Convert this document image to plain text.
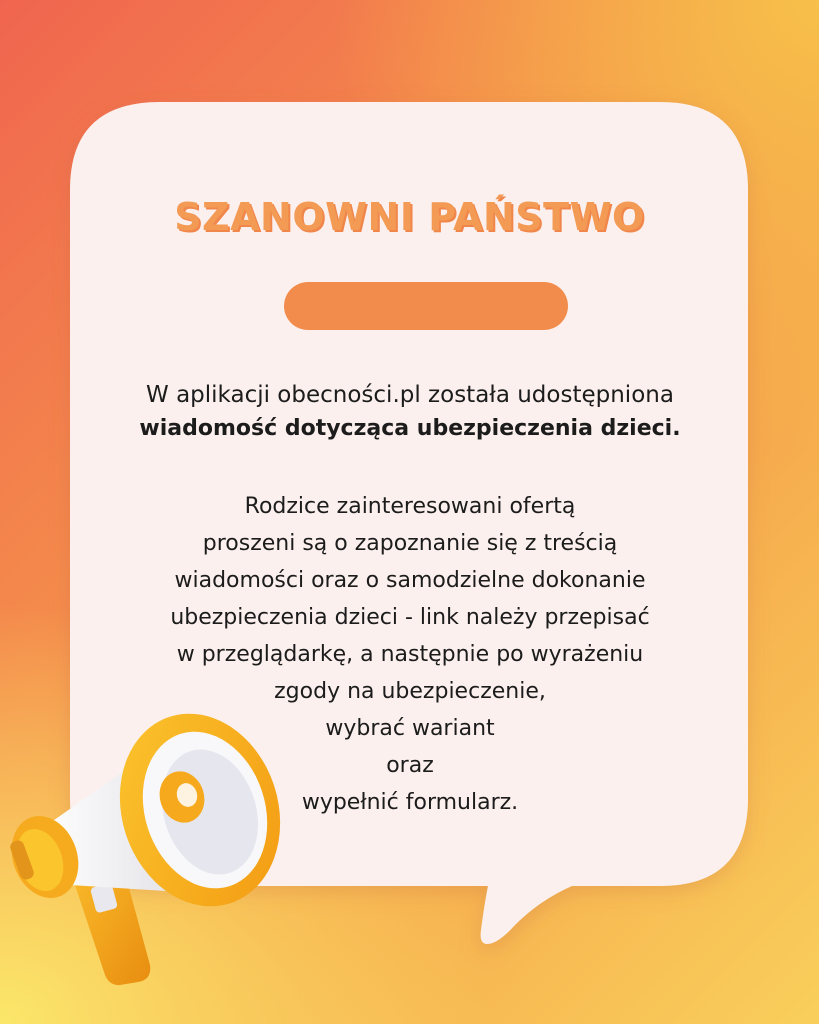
SZANOWNI PAŃSTWO
W aplikacji obecności.pl została udostępniona
wiadomość dotycząca ubezpieczenia dzieci.
Rodzice zainteresowani ofertą
proszeni są o zapoznanie się z treścią
wiadomości oraz o samodzielne dokonanie
ubezpieczenia dzieci - link należy przepisać
w przeglądarkę, a następnie po wyrażeniu
zgody na ubezpieczenie,
wybrać wariant
oraz
wypełnić formularz.
